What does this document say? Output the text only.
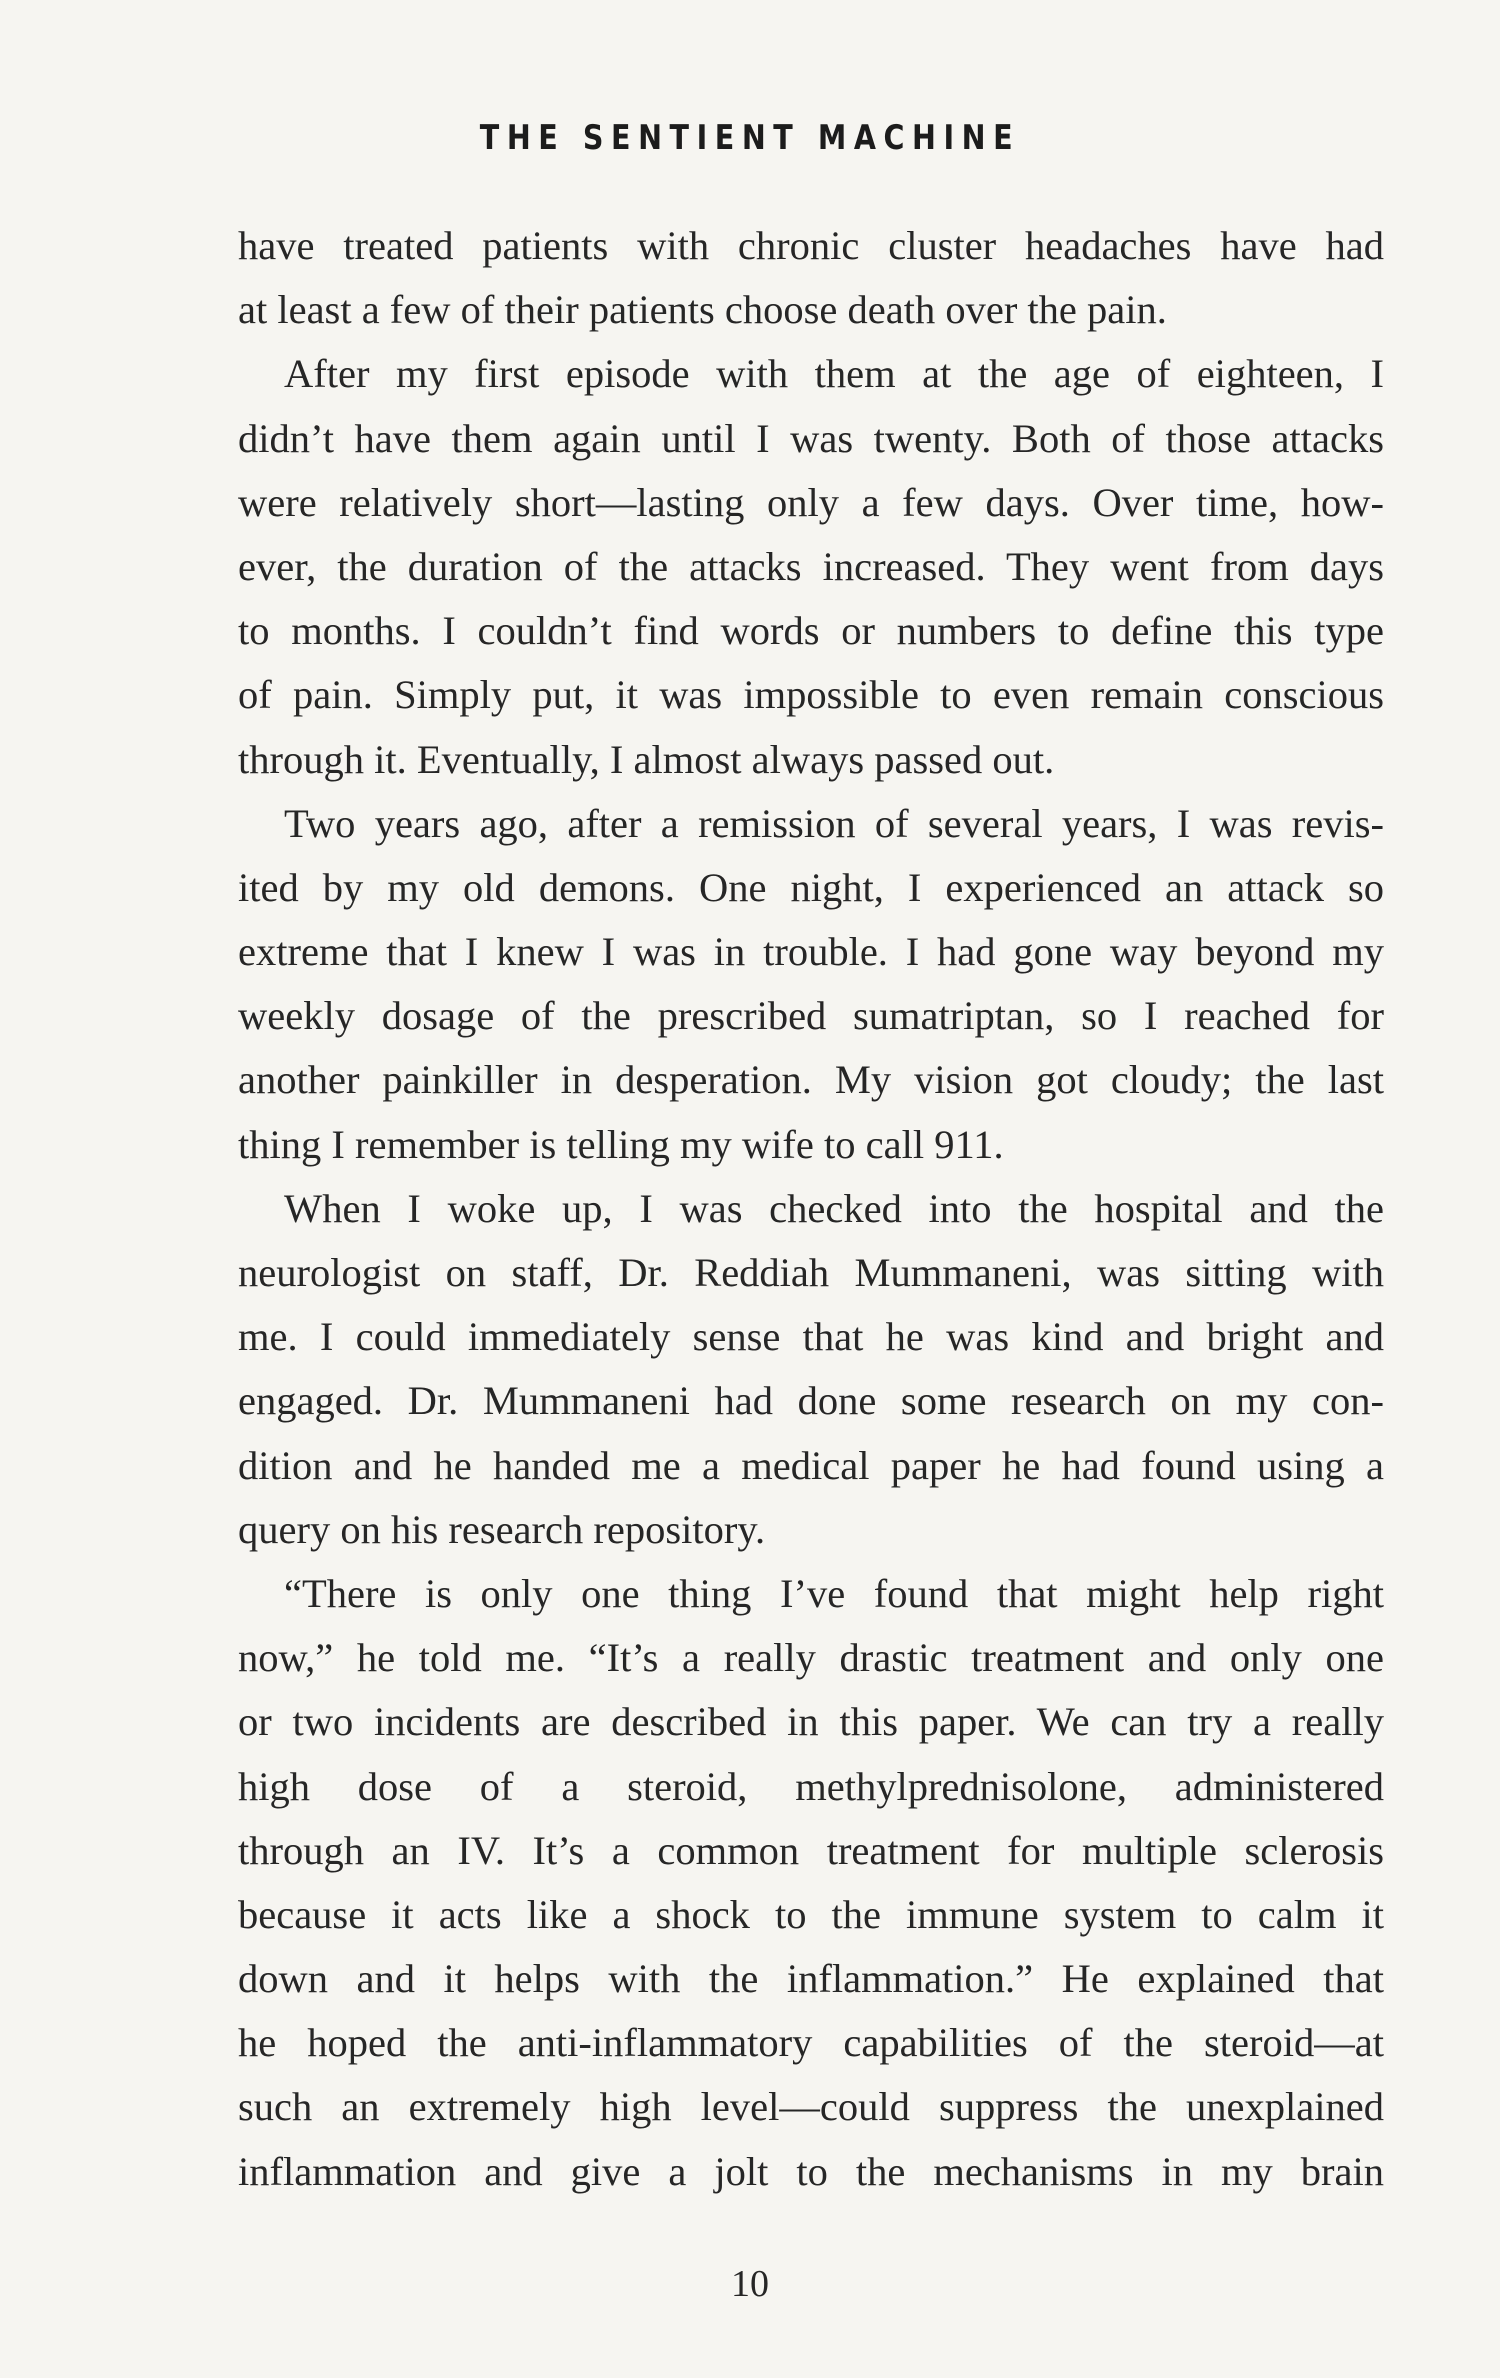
THE SENTIENT MACHINE
have treated patients with chronic cluster headaches have had
at least a few of their patients choose death over the pain.
After my first episode with them at the age of eighteen, I
didn’t have them again until I was twenty. Both of those attacks
were relatively short—lasting only a few days. Over time, how-
ever, the duration of the attacks increased. They went from days
to months. I couldn’t find words or numbers to define this type
of pain. Simply put, it was impossible to even remain conscious
through it. Eventually, I almost always passed out.
Two years ago, after a remission of several years, I was revis-
ited by my old demons. One night, I experienced an attack so
extreme that I knew I was in trouble. I had gone way beyond my
weekly dosage of the prescribed sumatriptan, so I reached for
another painkiller in desperation. My vision got cloudy; the last
thing I remember is telling my wife to call 911.
When I woke up, I was checked into the hospital and the
neurologist on staff, Dr. Reddiah Mummaneni, was sitting with
me. I could immediately sense that he was kind and bright and
engaged. Dr. Mummaneni had done some research on my con-
dition and he handed me a medical paper he had found using a
query on his research repository.
“There is only one thing I’ve found that might help right
now,” he told me. “It’s a really drastic treatment and only one
or two incidents are described in this paper. We can try a really
high dose of a steroid, methylprednisolone, administered
through an IV. It’s a common treatment for multiple sclerosis
because it acts like a shock to the immune system to calm it
down and it helps with the inflammation.” He explained that
he hoped the anti-inflammatory capabilities of the steroid—at
such an extremely high level—could suppress the unexplained
inflammation and give a jolt to the mechanisms in my brain
10
